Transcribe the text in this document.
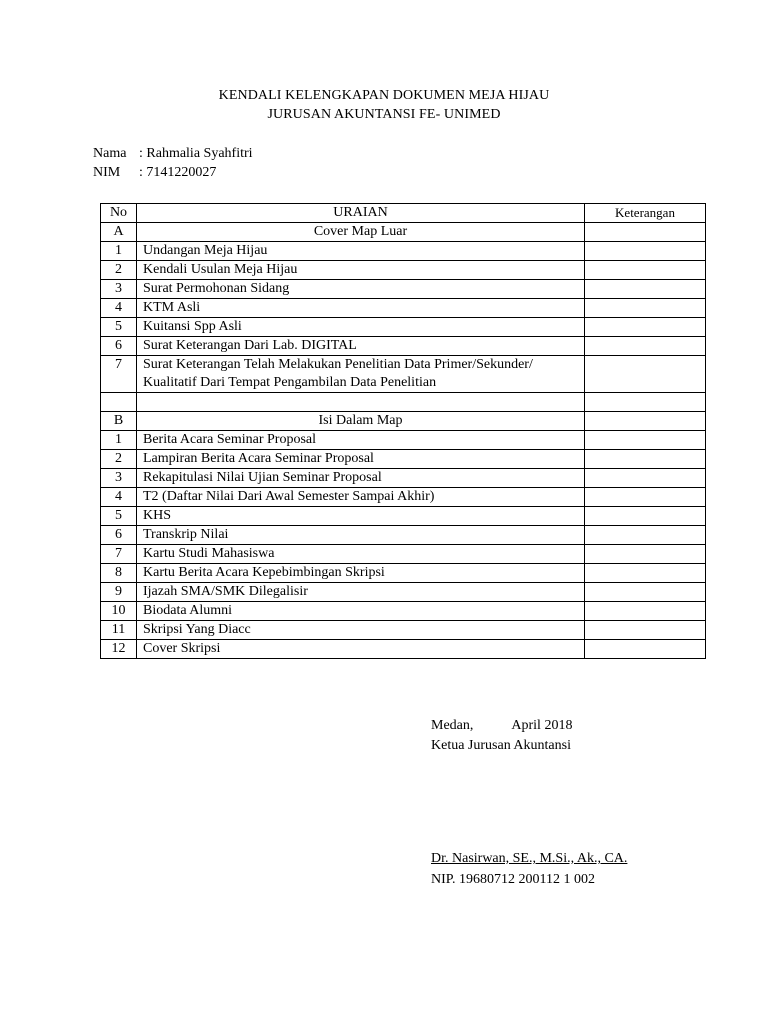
KENDALI KELENGKAPAN DOKUMEN MEJA HIJAU
JURUSAN AKUNTANSI FE- UNIMED
Nama : Rahmalia Syahfitri
NIM : 7141220027
No	URAIAN	Keterangan
A	Cover Map Luar	
1	Undangan Meja Hijau	
2	Kendali Usulan Meja Hijau	
3	Surat Permohonan Sidang	
4	KTM Asli	
5	Kuitansi Spp Asli	
6	Surat Keterangan Dari Lab. DIGITAL	
7	Surat Keterangan Telah Melakukan Penelitian Data Primer/Sekunder/
Kualitatif Dari Tempat Pengambilan Data Penelitian	

B	Isi Dalam Map	
1	Berita Acara Seminar Proposal	
2	Lampiran Berita Acara Seminar Proposal	
3	Rekapitulasi Nilai Ujian Seminar Proposal	
4	T2 (Daftar Nilai Dari Awal Semester Sampai Akhir)	
5	KHS	
6	Transkrip Nilai	
7	Kartu Studi Mahasiswa	
8	Kartu Berita Acara Kepebimbingan Skripsi	
9	Ijazah SMA/SMK Dilegalisir	
10	Biodata Alumni	
11	Skripsi Yang Diacc	
12	Cover Skripsi	
Medan,	April 2018
Ketua Jurusan Akuntansi
Dr. Nasirwan, SE., M.Si., Ak., CA.
NIP. 19680712 200112 1 002
